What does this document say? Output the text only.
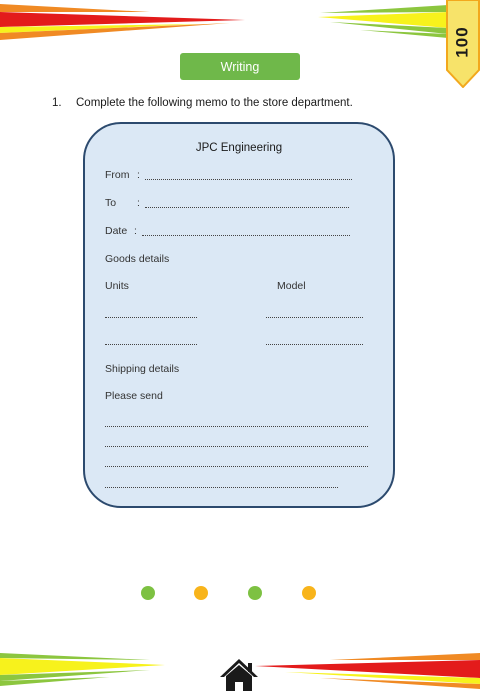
100
Writing
1. Complete the following memo to the store department.
JPC Engineering
From :
To :
Date :
Goods details
Units	Model
Shipping details
Please send
